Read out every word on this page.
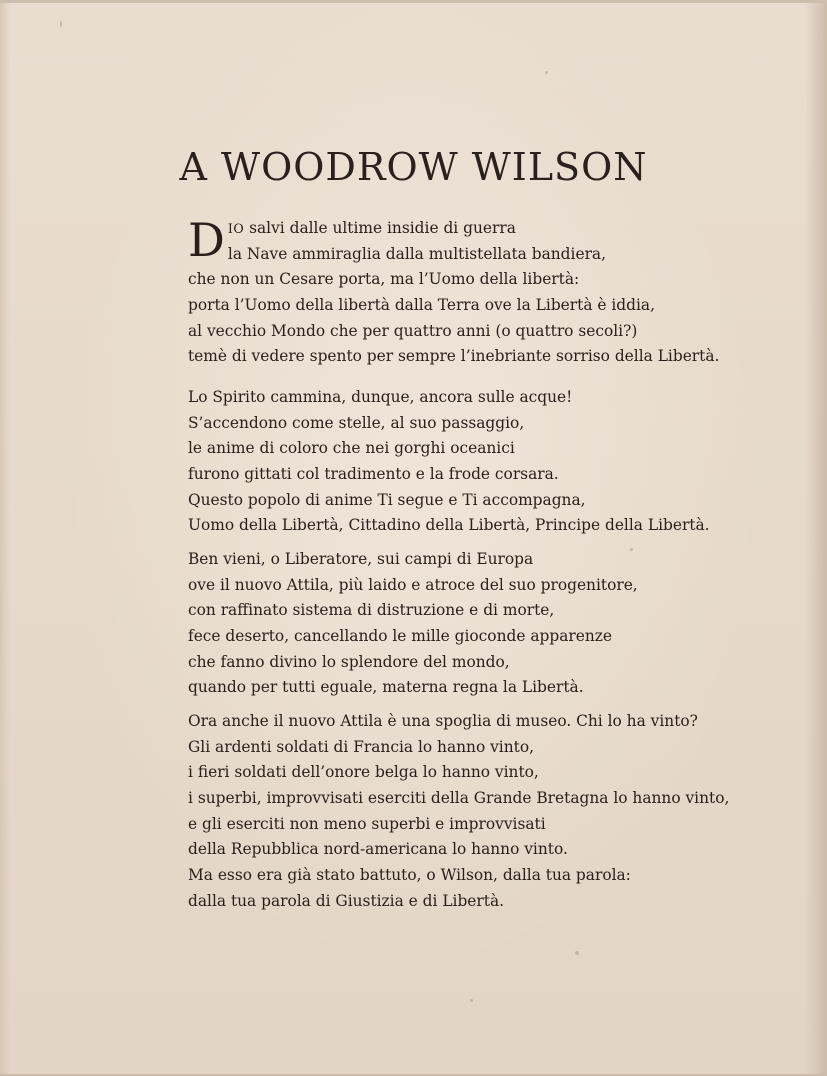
A WOODROW WILSON
D IO salvi dalle ultime insidie di guerra
la Nave ammiraglia dalla multistellata bandiera,
che non un Cesare porta, ma l’Uomo della libertà:
porta l’Uomo della libertà dalla Terra ove la Libertà è iddia,
al vecchio Mondo che per quattro anni (o quattro secoli?)
temè di vedere spento per sempre l’inebriante sorriso della Libertà.
Lo Spirito cammina, dunque, ancora sulle acque!
S’accendono come stelle, al suo passaggio,
le anime di coloro che nei gorghi oceanici
furono gittati col tradimento e la frode corsara.
Questo popolo di anime Ti segue e Ti accompagna,
Uomo della Libertà, Cittadino della Libertà, Principe della Libertà.
Ben vieni, o Liberatore, sui campi di Europa
ove il nuovo Attila, più laido e atroce del suo progenitore,
con raffinato sistema di distruzione e di morte,
fece deserto, cancellando le mille gioconde apparenze
che fanno divino lo splendore del mondo,
quando per tutti eguale, materna regna la Libertà.
Ora anche il nuovo Attila è una spoglia di museo. Chi lo ha vinto?
Gli ardenti soldati di Francia lo hanno vinto,
i fieri soldati dell’onore belga lo hanno vinto,
i superbi, improvvisati eserciti della Grande Bretagna lo hanno vinto,
e gli eserciti non meno superbi e improvvisati
della Repubblica nord-americana lo hanno vinto.
Ma esso era già stato battuto, o Wilson, dalla tua parola:
dalla tua parola di Giustizia e di Libertà.
